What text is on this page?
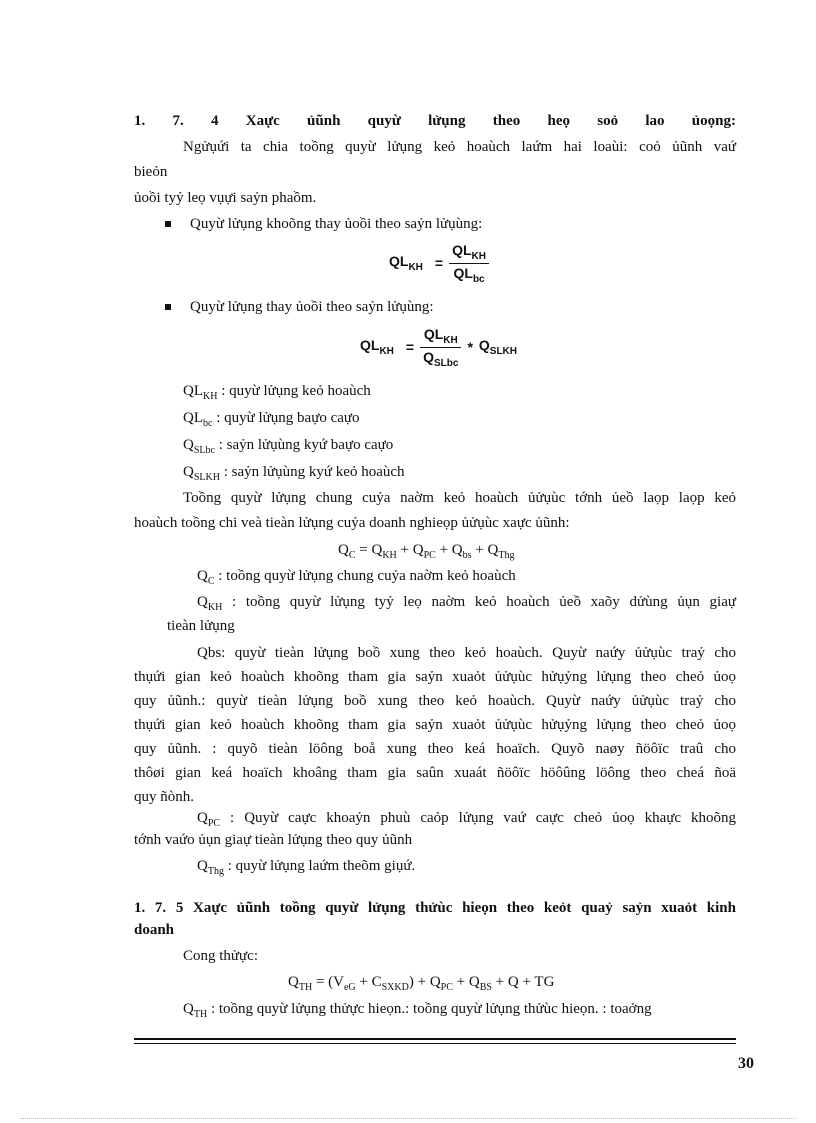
1. 7. 4 Xaực ủũnh quyừ lửụng theo heọ soỏ lao ủoọng:
Ngửụứi ta chia toồng quyừ lửụng keỏ hoaùch laứm hai loaùi: coỏ ủũnh vaứ
bieỏn
ủoồi tyỷ leọ vụựi saỷn phaồm.
Quyừ lửụng khoõng thay ủoồi theo saỷn lửụùng:
$QL_{KH} = \frac{QL_{KH}}{QL_{bc}}$
Quyừ lửụng thay ủoồi theo saỷn lửụùng:
$QL_{KH} = \frac{QL_{KH}}{Q_{SLbc}} * Q_{SLKH}$
$QL_{KH}$ : quyừ lửụng keỏ hoaùch
$QL_{bc}$ : quyừ lửụng baựo caựo
$Q_{SLbc}$ : saỷn lửụùng kyứ baựo caựo
$Q_{SLKH}$ : saỷn lửụùng kyứ keỏ hoaùch
Toồng quyừ lửụng chung cuỷa naờm keỏ hoaùch ủửụùc tớnh ủeồ laọp laọp keỏ
hoaùch toồng chi veà tieàn lửụng cuỷa doanh nghieọp ủửụùc xaực ủũnh:
$Q_C = Q_{KH} + Q_{PC} + Q_{bs} + Q_{Thg}$
$Q_C$ : toồng quyừ lửụng chung cuỷa naờm keỏ hoaùch
$Q_{KH}$ : toồng quyừ lửụng tyỷ leọ naờm keỏ hoaùch ủeồ xaõy dửùng ủụn giaự
tieàn lửụng
Qbs: quyừ tieàn lửụng boồ xung theo keỏ hoaùch. Quyừ naứy ủửụùc traỷ cho
thụứi gian keỏ hoaùch khoõng tham gia saỷn xuaỏt ủửụùc hửụỷng lửụng theo cheỏ ủoọ
quy ủũnh.: quyừ tieàn lửụng boồ xung theo keỏ hoaùch. Quyừ naứy ủửụùc traỷ cho
thụứi gian keỏ hoaùch khoõng tham gia saỷn xuaỏt ủửụùc hửụỷng lửụng theo cheỏ ủoọ
quy ủũnh. : quyõ tieàn löông boå xung theo keá hoaïch. Quyõ naøy ñöôïc traû cho
thôøi gian keá hoaïch khoâng tham gia saûn xuaát ñöôïc höôûng löông theo cheá ñoä
quy ñònh.
$Q_{PC}$ : Quyừ caực khoaỷn phuù caỏp lửụng vaứ caực cheỏ ủoọ khaực khoõng
tớnh vaứo ủụn giaự tieàn lửụng theo quy ủũnh
$Q_{Thg}$ : quyừ lửụng laứm theõm giụứ.
1. 7. 5 Xaực ủũnh toồng quyừ lửụng thửùc hieọn theo keỏt quaỷ saỷn xuaỏt kinh
doanh
Cong thửực:
$Q_{TH} = (V_{eG} + C_{SXKD}) + Q_{PC} + Q_{BS} + Q$ + TG
$Q_{TH}$ : toồng quyừ lửụng thửực hieọn.: toồng quyừ lửụng thửùc hieọn. : toaởng
30
